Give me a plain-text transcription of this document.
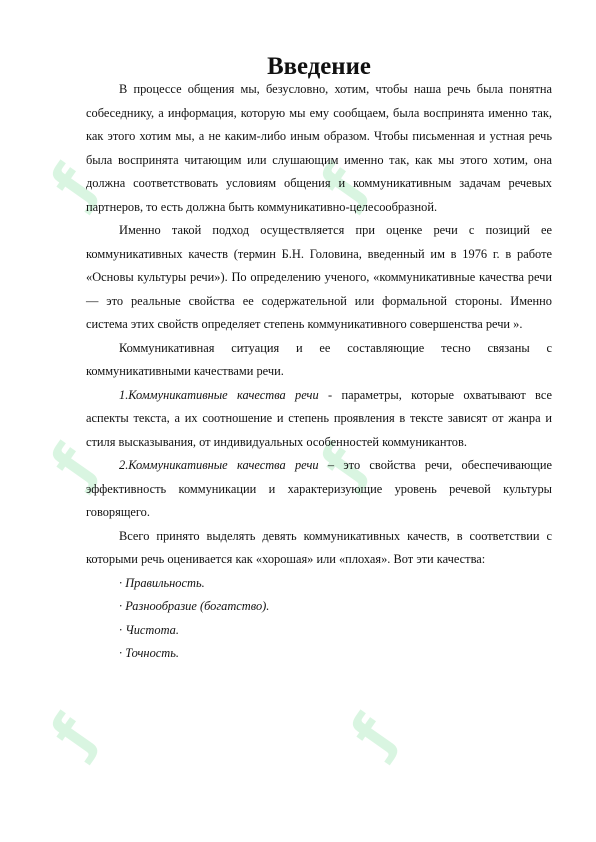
ƒ	ƒ
ƒ	ƒ
ƒ	ƒ
Введение

В процессе общения мы, безусловно, хотим, чтобы наша речь была понятна собеседнику, а информация, которую мы ему сообщаем, была воспринята именно так, как этого хотим мы, а не каким-либо иным образом. Чтобы письменная и устная речь была воспринята читающим или слушающим именно так, как мы этого хотим, она должна соответствовать условиям общения и коммуникативным задачам речевых партнеров, то есть должна быть коммуникативно-целесообразной.

Именно такой подход осуществляется при оценке речи с позиций ее коммуникативных качеств (термин Б.Н. Головина, введенный им в 1976 г. в работе «Основы культуры речи»). По определению ученого, «коммуникативные качества речи — это реальные свойства ее содержательной или формальной стороны. Именно система этих свойств определяет степень коммуникативного совершенства речи ».

Коммуникативная ситуация и ее составляющие тесно связаны с коммуникативными качествами речи.

1.Коммуникативные качества речи - параметры, которые охватывают все аспекты текста, а их соотношение и степень проявления в тексте зависят от жанра и стиля высказывания, от индивидуальных особенностей коммуникантов.

2.Коммуникативные качества речи – это свойства речи, обеспечивающие эффективность коммуникации и характеризующие уровень речевой культуры говорящего.

Всего принято выделять девять коммуникативных качеств, в соответствии с которыми речь оценивается как «хорошая» или «плохая». Вот эти качества:

· Правильность.
· Разнообразие (богатство).
· Чистота.
· Точность.
